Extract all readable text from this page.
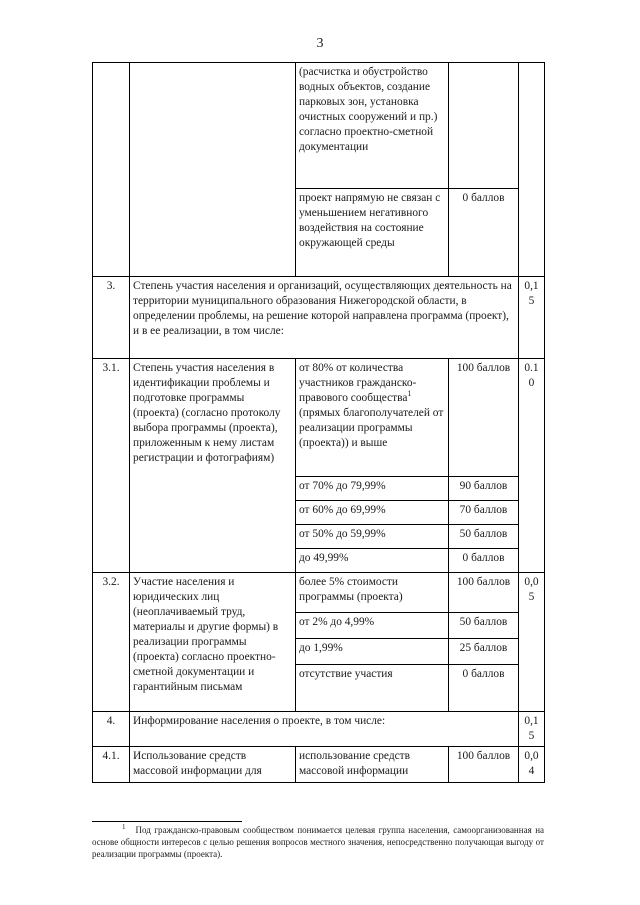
3
		(расчистка и обустройство водных объектов, создание парковых зон, установка очистных сооружений и пр.) согласно проектно-сметной документации		
		проект напрямую не связан с уменьшением негативного воздействия на состояние окружающей среды	0 баллов	
3.	Степень участия населения и организаций, осуществляющих деятельность на территории муниципального образования Нижегородской области, в определении проблемы, на решение которой направлена программа (проект), и в ее реализации, в том числе:			0,15
3.1.	Степень участия населения в идентификации проблемы и подготовке программы (проекта) (согласно протоколу выбора программы (проекта), приложенным к нему листам регистрации и фотографиям)	от 80% от количества участников гражданско-правового сообщества$^1$ (прямых благополучателей от реализации программы (проекта)) и выше	100 баллов	0.10
		от 70% до 79,99%	90 баллов	
		от 60% до 69,99%	70 баллов	
		от 50% до 59,99%	50 баллов	
		до 49,99%	0 баллов	
3.2.	Участие населения и юридических лиц (неоплачиваемый труд, материалы и другие формы) в реализации программы (проекта) согласно проектно-сметной документации и гарантийным письмам	более 5% стоимости программы (проекта)	100 баллов	0,05
		от 2% до 4,99%	50 баллов	
		до 1,99%	25 баллов	
		отсутствие участия	0 баллов	
4.	Информирование населения о проекте, в том числе:			0,15
4.1.	Использование средств массовой информации для	использование средств массовой информации	100 баллов	0,04
$^1$ Под гражданско-правовым сообществом понимается целевая группа населения, самоорганизованная на основе общности интересов с целью решения вопросов местного значения, непосредственно получающая выгоду от реализации программы (проекта).
